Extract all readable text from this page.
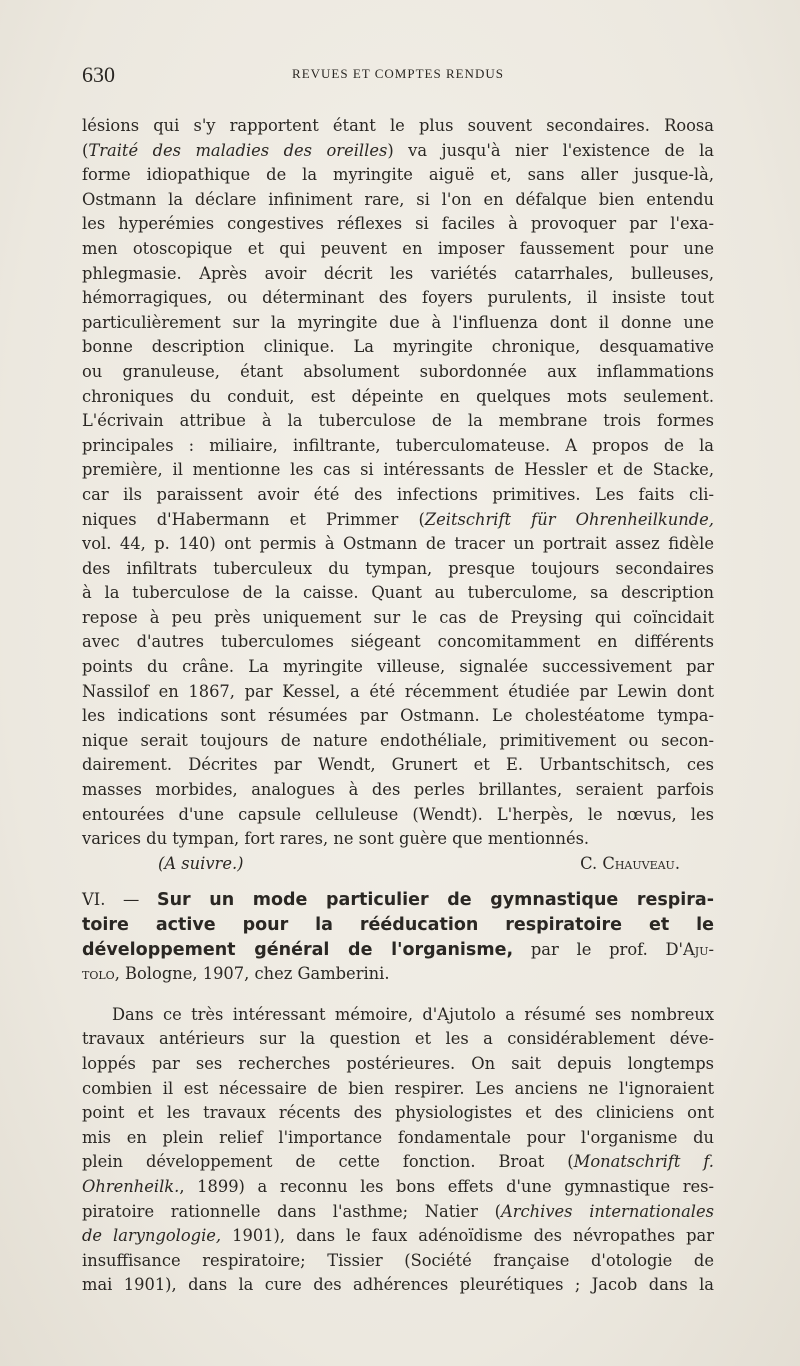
630	REVUES ET COMPTES RENDUS
lésions qui s'y rapportent étant le plus souvent secondaires. Roosa
(Traité des maladies des oreilles) va jusqu'à nier l'existence de la
forme idiopathique de la myringite aiguë et, sans aller jusque-là,
Ostmann la déclare infiniment rare, si l'on en défalque bien entendu
les hyperémies congestives réflexes si faciles à provoquer par l'exa-
men otoscopique et qui peuvent en imposer faussement pour une
phlegmasie. Après avoir décrit les variétés catarrhales, bulleuses,
hémorragiques, ou déterminant des foyers purulents, il insiste tout
particulièrement sur la myringite due à l'influenza dont il donne une
bonne description clinique. La myringite chronique, desquamative
ou granuleuse, étant absolument subordonnée aux inflammations
chroniques du conduit, est dépeinte en quelques mots seulement.
L'écrivain attribue à la tuberculose de la membrane trois formes
principales : miliaire, infiltrante, tuberculomateuse. A propos de la
première, il mentionne les cas si intéressants de Hessler et de Stacke,
car ils paraissent avoir été des infections primitives. Les faits cli-
niques d'Habermann et Primmer (Zeitschrift für Ohrenheilkunde,
vol. 44, p. 140) ont permis à Ostmann de tracer un portrait assez fidèle
des infiltrats tuberculeux du tympan, presque toujours secondaires
à la tuberculose de la caisse. Quant au tuberculome, sa description
repose à peu près uniquement sur le cas de Preysing qui coïncidait
avec d'autres tuberculomes siégeant concomitamment en différents
points du crâne. La myringite villeuse, signalée successivement par
Nassilof en 1867, par Kessel, a été récemment étudiée par Lewin dont
les indications sont résumées par Ostmann. Le cholestéatome tympa-
nique serait toujours de nature endothéliale, primitivement ou secon-
dairement. Décrites par Wendt, Grunert et E. Urbantschitsch, ces
masses morbides, analogues à des perles brillantes, seraient parfois
entourées d'une capsule celluleuse (Wendt). L'herpès, le nœvus, les
varices du tympan, fort rares, ne sont guère que mentionnés.
(A suivre.)	C. Chauveau.
VI. — Sur un mode particulier de gymnastique respira-
toire active pour la rééducation respiratoire et le
développement général de l'organisme, par le prof. D'Aju-
tolo, Bologne, 1907, chez Gamberini.
Dans ce très intéressant mémoire, d'Ajutolo a résumé ses nombreux
travaux antérieurs sur la question et les a considérablement déve-
loppés par ses recherches postérieures. On sait depuis longtemps
combien il est nécessaire de bien respirer. Les anciens ne l'ignoraient
point et les travaux récents des physiologistes et des cliniciens ont
mis en plein relief l'importance fondamentale pour l'organisme du
plein développement de cette fonction. Broat (Monatschrift f.
Ohrenheilk., 1899) a reconnu les bons effets d'une gymnastique res-
piratoire rationnelle dans l'asthme; Natier (Archives internationales
de laryngologie, 1901), dans le faux adénoïdisme des névropathes par
insuffisance respiratoire; Tissier (Société française d'otologie de
mai 1901), dans la cure des adhérences pleurétiques ; Jacob dans la
